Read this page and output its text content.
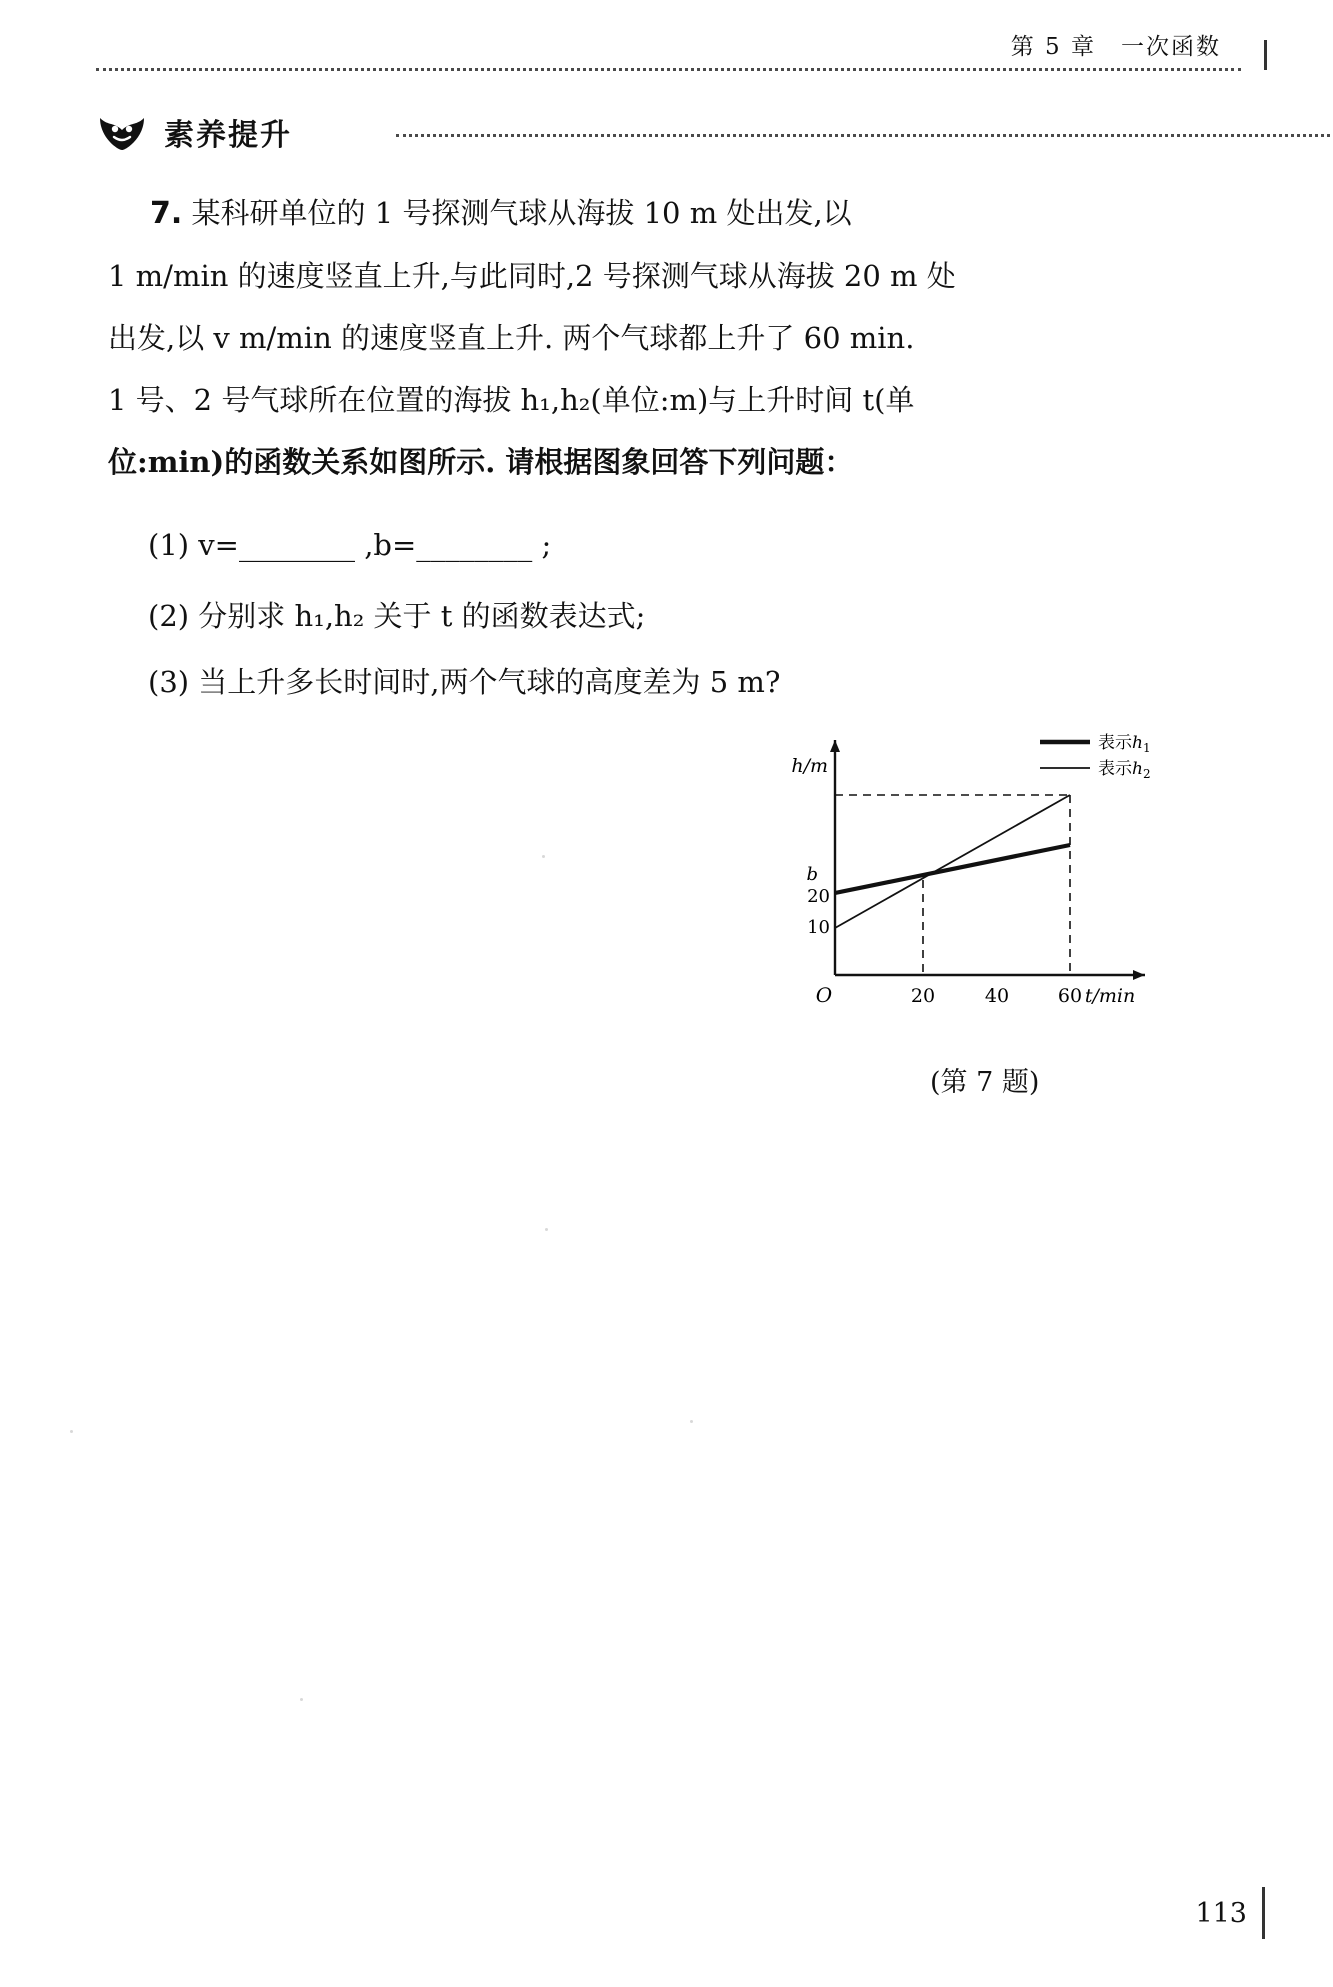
第 5 章　一次函数
素养提升

7. 某科研单位的 1 号探测气球从海拔 10 m 处出发,以

1 m/min 的速度竖直上升,与此同时,2 号探测气球从海拔 20 m 处

出发,以 v m/min 的速度竖直上升. 两个气球都上升了 60 min.

1 号、2 号气球所在位置的海拔 h₁,h₂(单位:m)与上升时间 t(单

位:min)的函数关系如图所示. 请根据图象回答下列问题：

(1) v=________ ,b=________ ;
(2) 分别求 h₁,h₂ 关于 t 的函数表达式;
(3) 当上升多长时间时,两个气球的高度差为 5 m?
b
20
10
20	40	60
O
h/m
t/min
表示$h_1$
表示$h_2$
(第 7 题)
113
